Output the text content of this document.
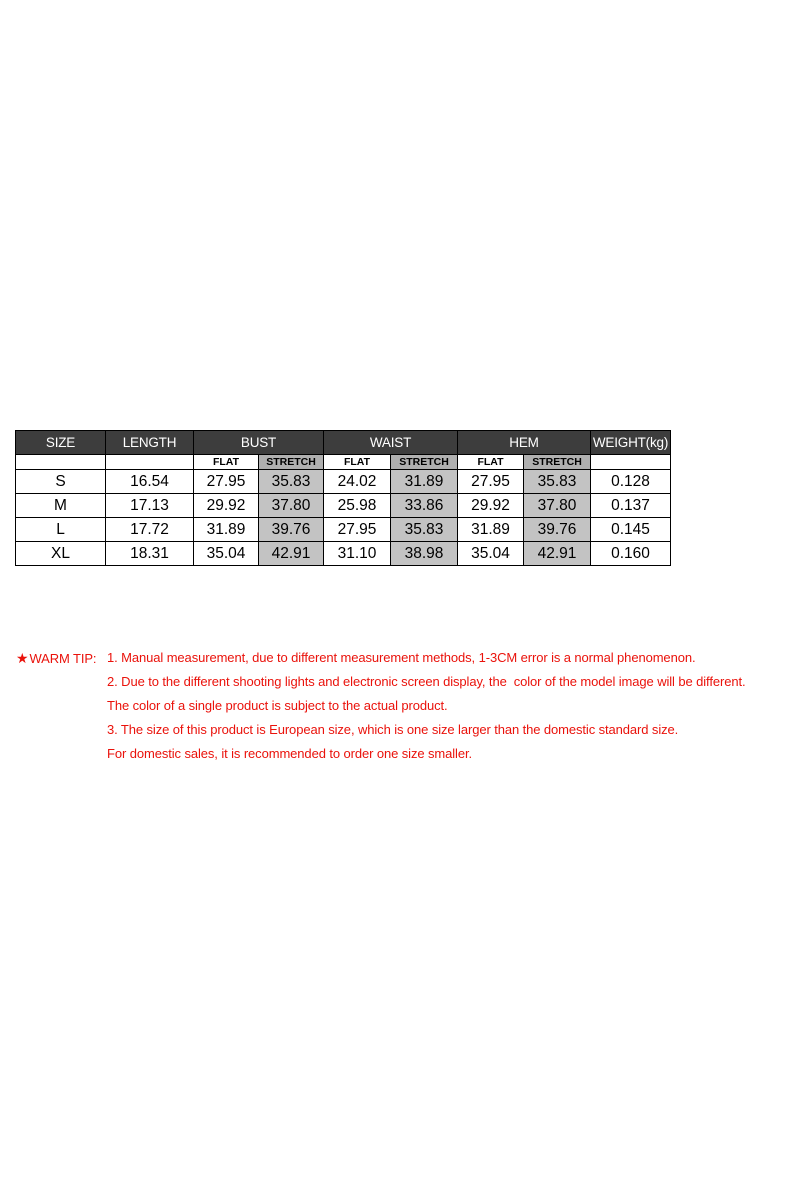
SIZE	LENGTH	BUST		WAIST		HEM		WEIGHT(kg)
		FLAT	STRETCH	FLAT	STRETCH	FLAT	STRETCH	
S	16.54	27.95	35.83	24.02	31.89	27.95	35.83	0.128
M	17.13	29.92	37.80	25.98	33.86	29.92	37.80	0.137
L	17.72	31.89	39.76	27.95	35.83	31.89	39.76	0.145
XL	18.31	35.04	42.91	31.10	38.98	35.04	42.91	0.160
★WARM TIP: 1. Manual measurement, due to different measurement methods, 1-3CM error is a normal phenomenon.

2. Due to the different shooting lights and electronic screen display, the  color of the model image will be different.

The color of a single product is subject to the actual product.

3. The size of this product is European size, which is one size larger than the domestic standard size.

For domestic sales, it is recommended to order one size smaller.
